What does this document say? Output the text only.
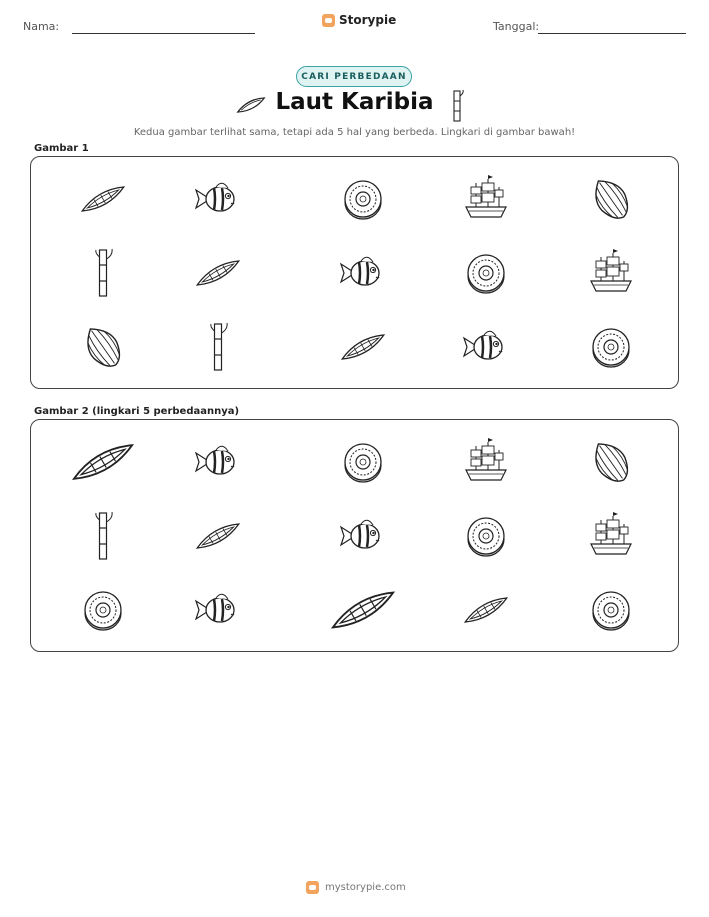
Nama:	Storypie	Tanggal:
CARI PERBEDAAN
Laut Karibia
Kedua gambar terlihat sama, tetapi ada 5 hal yang berbeda. Lingkari di gambar bawah!
Gambar 1
Gambar 2 (lingkari 5 perbedaannya)
mystorypie.com
